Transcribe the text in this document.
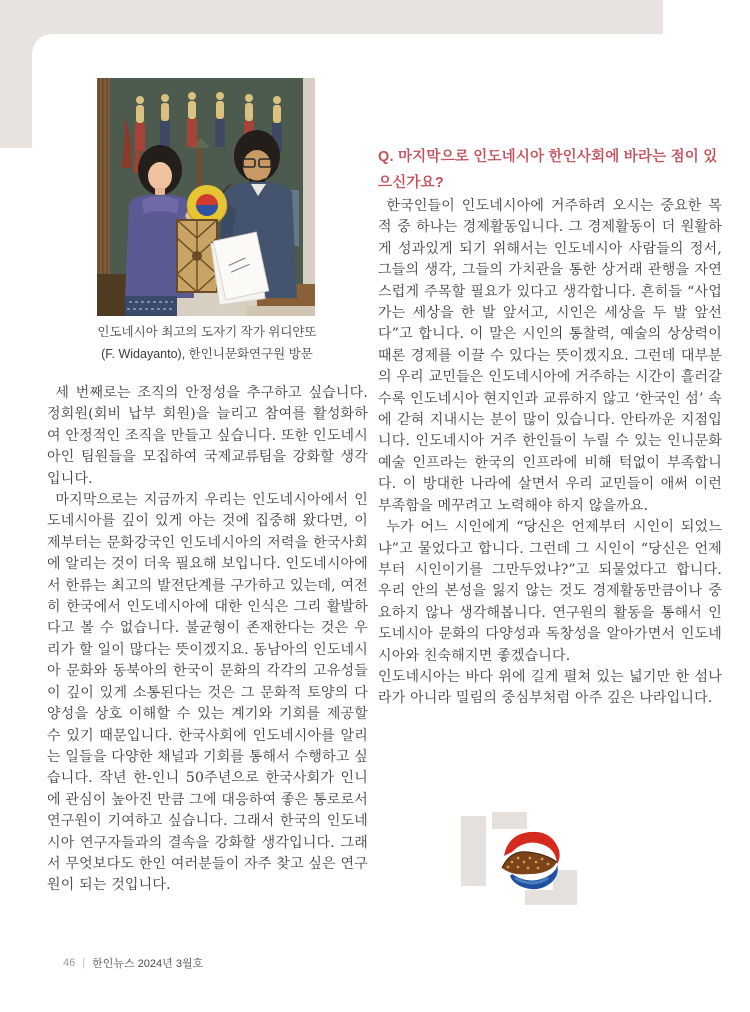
인도네시아 최고의 도자기 작가 위디얀또
(F. Widayanto), 한인니문화연구원 방문

세 번째로는 조직의 안정성을 추구하고 싶습니다. 정회원(회비 납부 회원)을 늘리고 참여를 활성화하여 안정적인 조직을 만들고 싶습니다. 또한 인도네시아인 팀원들을 모집하여 국제교류팀을 강화할 생각입니다.

마지막으로는 지금까지 우리는 인도네시아에서 인도네시아를 깊이 있게 아는 것에 집중해 왔다면, 이제부터는 문화강국인 인도네시아의 저력을 한국사회에 알리는 것이 더욱 필요해 보입니다. 인도네시아에서 한류는 최고의 발전단계를 구가하고 있는데, 여전히 한국에서 인도네시아에 대한 인식은 그리 활발하다고 볼 수 없습니다. 불균형이 존재한다는 것은 우리가 할 일이 많다는 뜻이겠지요. 동남아의 인도네시아 문화와 동북아의 한국이 문화의 각각의 고유성들이 깊이 있게 소통된다는 것은 그 문화적 토양의 다양성을 상호 이해할 수 있는 계기와 기회를 제공할 수 있기 때문입니다. 한국사회에 인도네시아를 알리는 일들을 다양한 채널과 기회를 통해서 수행하고 싶습니다. 작년 한-인니 50주년으로 한국사회가 인니에 관심이 높아진 만큼 그에 대응하여 좋은 통로로서 연구원이 기여하고 싶습니다. 그래서 한국의 인도네시아 연구자들과의 결속을 강화할 생각입니다. 그래서 무엇보다도 한인 여러분들이 자주 찾고 싶은 연구원이 되는 것입니다.

Q. 마지막으로 인도네시아 한인사회에 바라는 점이 있으신가요?

한국인들이 인도네시아에 거주하려 오시는 중요한 목적 중 하나는 경제활동입니다. 그 경제활동이 더 원활하게 성과있게 되기 위해서는 인도네시아 사람들의 정서, 그들의 생각, 그들의 가치관을 통한 상거래 관행을 자연스럽게 주목할 필요가 있다고 생각합니다. 흔히들 “사업가는 세상을 한 발 앞서고, 시인은 세상을 두 발 앞선다”고 합니다. 이 말은 시인의 통찰력, 예술의 상상력이 때론 경제를 이끌 수 있다는 뜻이겠지요. 그런데 대부분의 우리 교민들은 인도네시아에 거주하는 시간이 흘러갈수록 인도네시아 현지인과 교류하지 않고 ‘한국인 섬’ 속에 갇혀 지내시는 분이 많이 있습니다. 안타까운 지점입니다. 인도네시아 거주 한인들이 누릴 수 있는 인니문화예술 인프라는 한국의 인프라에 비해 턱없이 부족합니다. 이 방대한 나라에 살면서 우리 교민들이 애써 이런 부족함을 메꾸려고 노력해야 하지 않을까요.

누가 어느 시인에게 “당신은 언제부터 시인이 되었느냐”고 물었다고 합니다. 그런데 그 시인이 “당신은 언제부터 시인이기를 그만두었냐?”고 되물었다고 합니다. 우리 안의 본성을 잃지 않는 것도 경제활동만큼이나 중요하지 않나 생각해봅니다. 연구원의 활동을 통해서 인도네시아 문화의 다양성과 독창성을 알아가면서 인도네시아와 친숙해지면 좋겠습니다.

인도네시아는 바다 위에 길게 펼쳐 있는 넓기만 한 섬나라가 아니라 밀림의 중심부처럼 아주 깊은 나라입니다.

46 | 한인뉴스 2024년 3월호
